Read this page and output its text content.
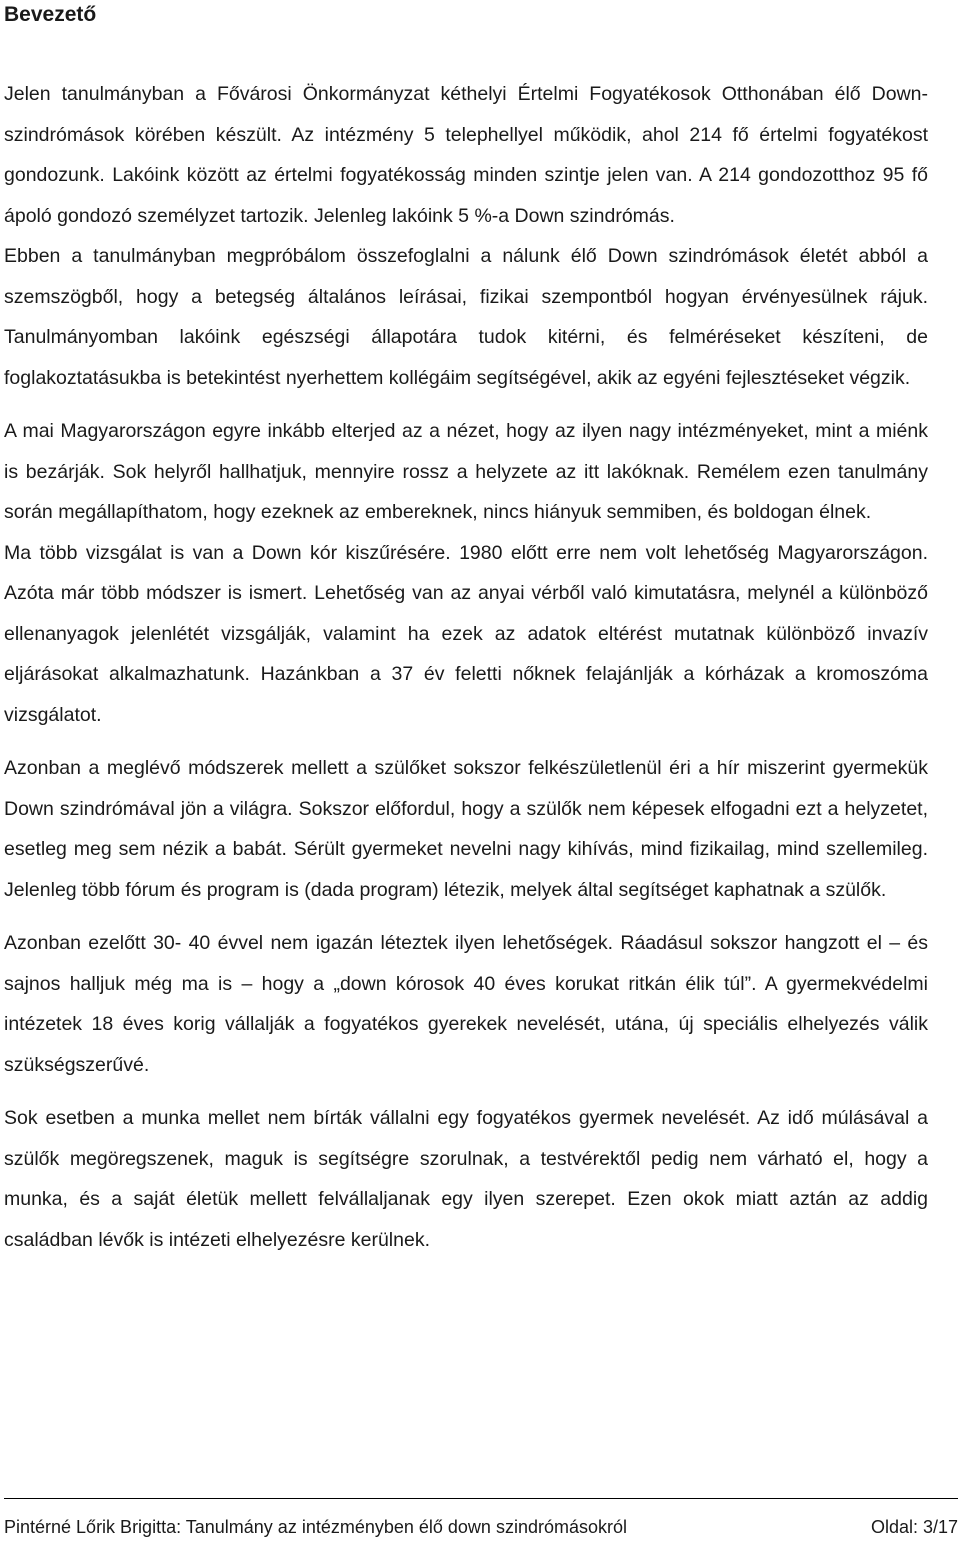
Bevezető

Jelen tanulmányban a Fővárosi Önkormányzat kéthelyi Értelmi Fogyatékosok Otthonában élő Down-szindrómások körében készült. Az intézmény 5 telephellyel működik, ahol 214 fő értelmi fogyatékost gondozunk. Lakóink között az értelmi fogyatékosság minden szintje jelen van. A 214 gondozotthoz 95 fő ápoló gondozó személyzet tartozik. Jelenleg lakóink 5 %-a Down szindrómás.

Ebben a tanulmányban megpróbálom összefoglalni a nálunk élő Down szindrómások életét abból a szemszögből, hogy a betegség általános leírásai, fizikai szempontból hogyan érvényesülnek rájuk. Tanulmányomban lakóink egészségi állapotára tudok kitérni, és felméréseket készíteni, de foglakoztatásukba is betekintést nyerhettem kollégáim segítségével, akik az egyéni fejlesztéseket végzik.

A mai Magyarországon egyre inkább elterjed az a nézet, hogy az ilyen nagy intézményeket, mint a miénk is bezárják. Sok helyről hallhatjuk, mennyire rossz a helyzete az itt lakóknak. Remélem ezen tanulmány során megállapíthatom, hogy ezeknek az embereknek, nincs hiányuk semmiben, és boldogan élnek.

Ma több vizsgálat is van a Down kór kiszűrésére. 1980 előtt erre nem volt lehetőség Magyarországon. Azóta már több módszer is ismert. Lehetőség van az anyai vérből való kimutatásra, melynél a különböző ellenanyagok jelenlétét vizsgálják, valamint ha ezek az adatok eltérést mutatnak különböző invazív eljárásokat alkalmazhatunk. Hazánkban a 37 év feletti nőknek felajánlják a kórházak a kromoszóma vizsgálatot.

Azonban a meglévő módszerek mellett a szülőket sokszor felkészületlenül éri a hír miszerint gyermekük Down szindrómával jön a világra. Sokszor előfordul, hogy a szülők nem képesek elfogadni ezt a helyzetet, esetleg meg sem nézik a babát. Sérült gyermeket nevelni nagy kihívás, mind fizikailag, mind szellemileg. Jelenleg több fórum és program is (dada program) létezik, melyek által segítséget kaphatnak a szülők.

Azonban ezelőtt 30- 40 évvel nem igazán léteztek ilyen lehetőségek. Ráadásul sokszor hangzott el – és sajnos halljuk még ma is – hogy a „down kórosok 40 éves korukat ritkán élik túl”. A gyermekvédelmi intézetek 18 éves korig vállalják a fogyatékos gyerekek nevelését, utána, új speciális elhelyezés válik szükségszerűvé.

Sok esetben a munka mellet nem bírták vállalni egy fogyatékos gyermek nevelését. Az idő múlásával a szülők megöregszenek, maguk is segítségre szorulnak, a testvérektől pedig nem várható el, hogy a munka, és a saját életük mellett felvállaljanak egy ilyen szerepet. Ezen okok miatt aztán az addig családban lévők is intézeti elhelyezésre kerülnek.

Pintérné Lőrik Brigitta: Tanulmány az intézményben élő down szindrómásokról	Oldal: 3/17
